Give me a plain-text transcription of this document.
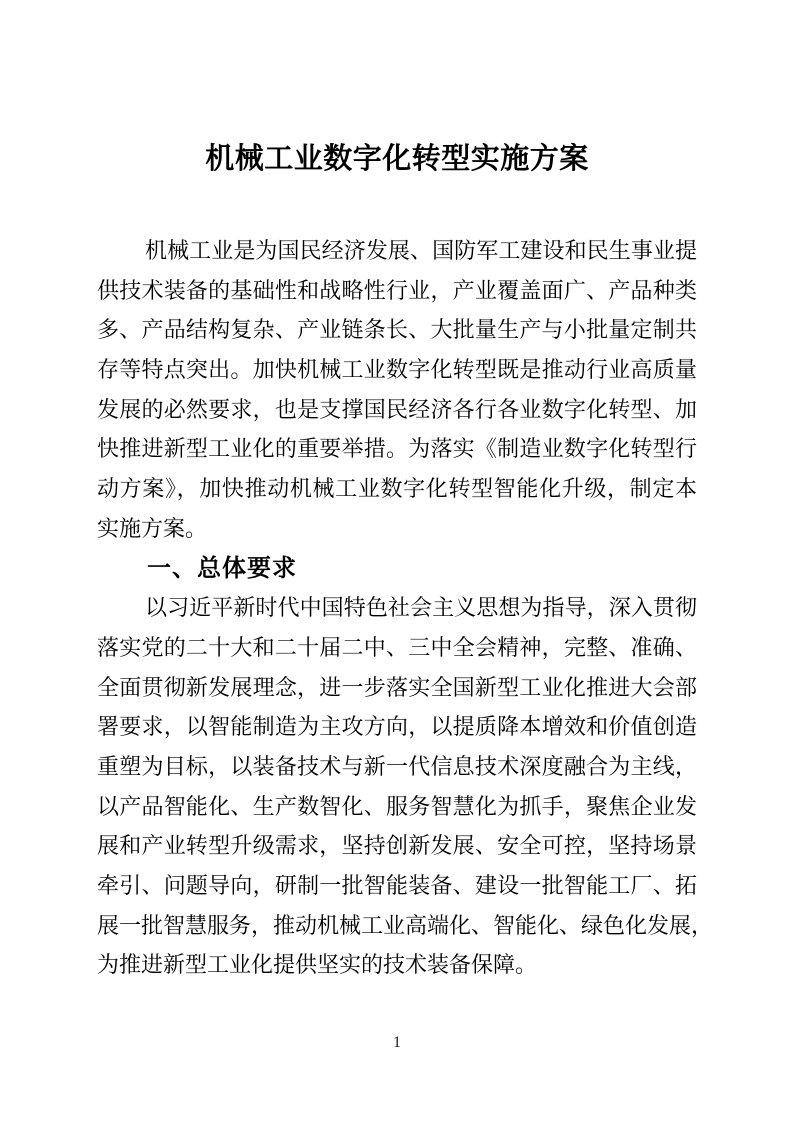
机械工业数字化转型实施方案
机械工业是为国民经济发展、国防军工建设和民生事业提
供技术装备的基础性和战略性行业，产业覆盖面广、产品种类
多、产品结构复杂、产业链条长、大批量生产与小批量定制共
存等特点突出。加快机械工业数字化转型既是推动行业高质量
发展的必然要求，也是支撑国民经济各行各业数字化转型、加
快推进新型工业化的重要举措。为落实《制造业数字化转型行
动方案》，加快推动机械工业数字化转型智能化升级，制定本
实施方案。
一、总体要求
以习近平新时代中国特色社会主义思想为指导，深入贯彻
落实党的二十大和二十届二中、三中全会精神，完整、准确、
全面贯彻新发展理念，进一步落实全国新型工业化推进大会部
署要求，以智能制造为主攻方向，以提质降本增效和价值创造
重塑为目标，以装备技术与新一代信息技术深度融合为主线，
以产品智能化、生产数智化、服务智慧化为抓手，聚焦企业发
展和产业转型升级需求，坚持创新发展、安全可控，坚持场景
牵引、问题导向，研制一批智能装备、建设一批智能工厂、拓
展一批智慧服务，推动机械工业高端化、智能化、绿色化发展，
为推进新型工业化提供坚实的技术装备保障。
1
